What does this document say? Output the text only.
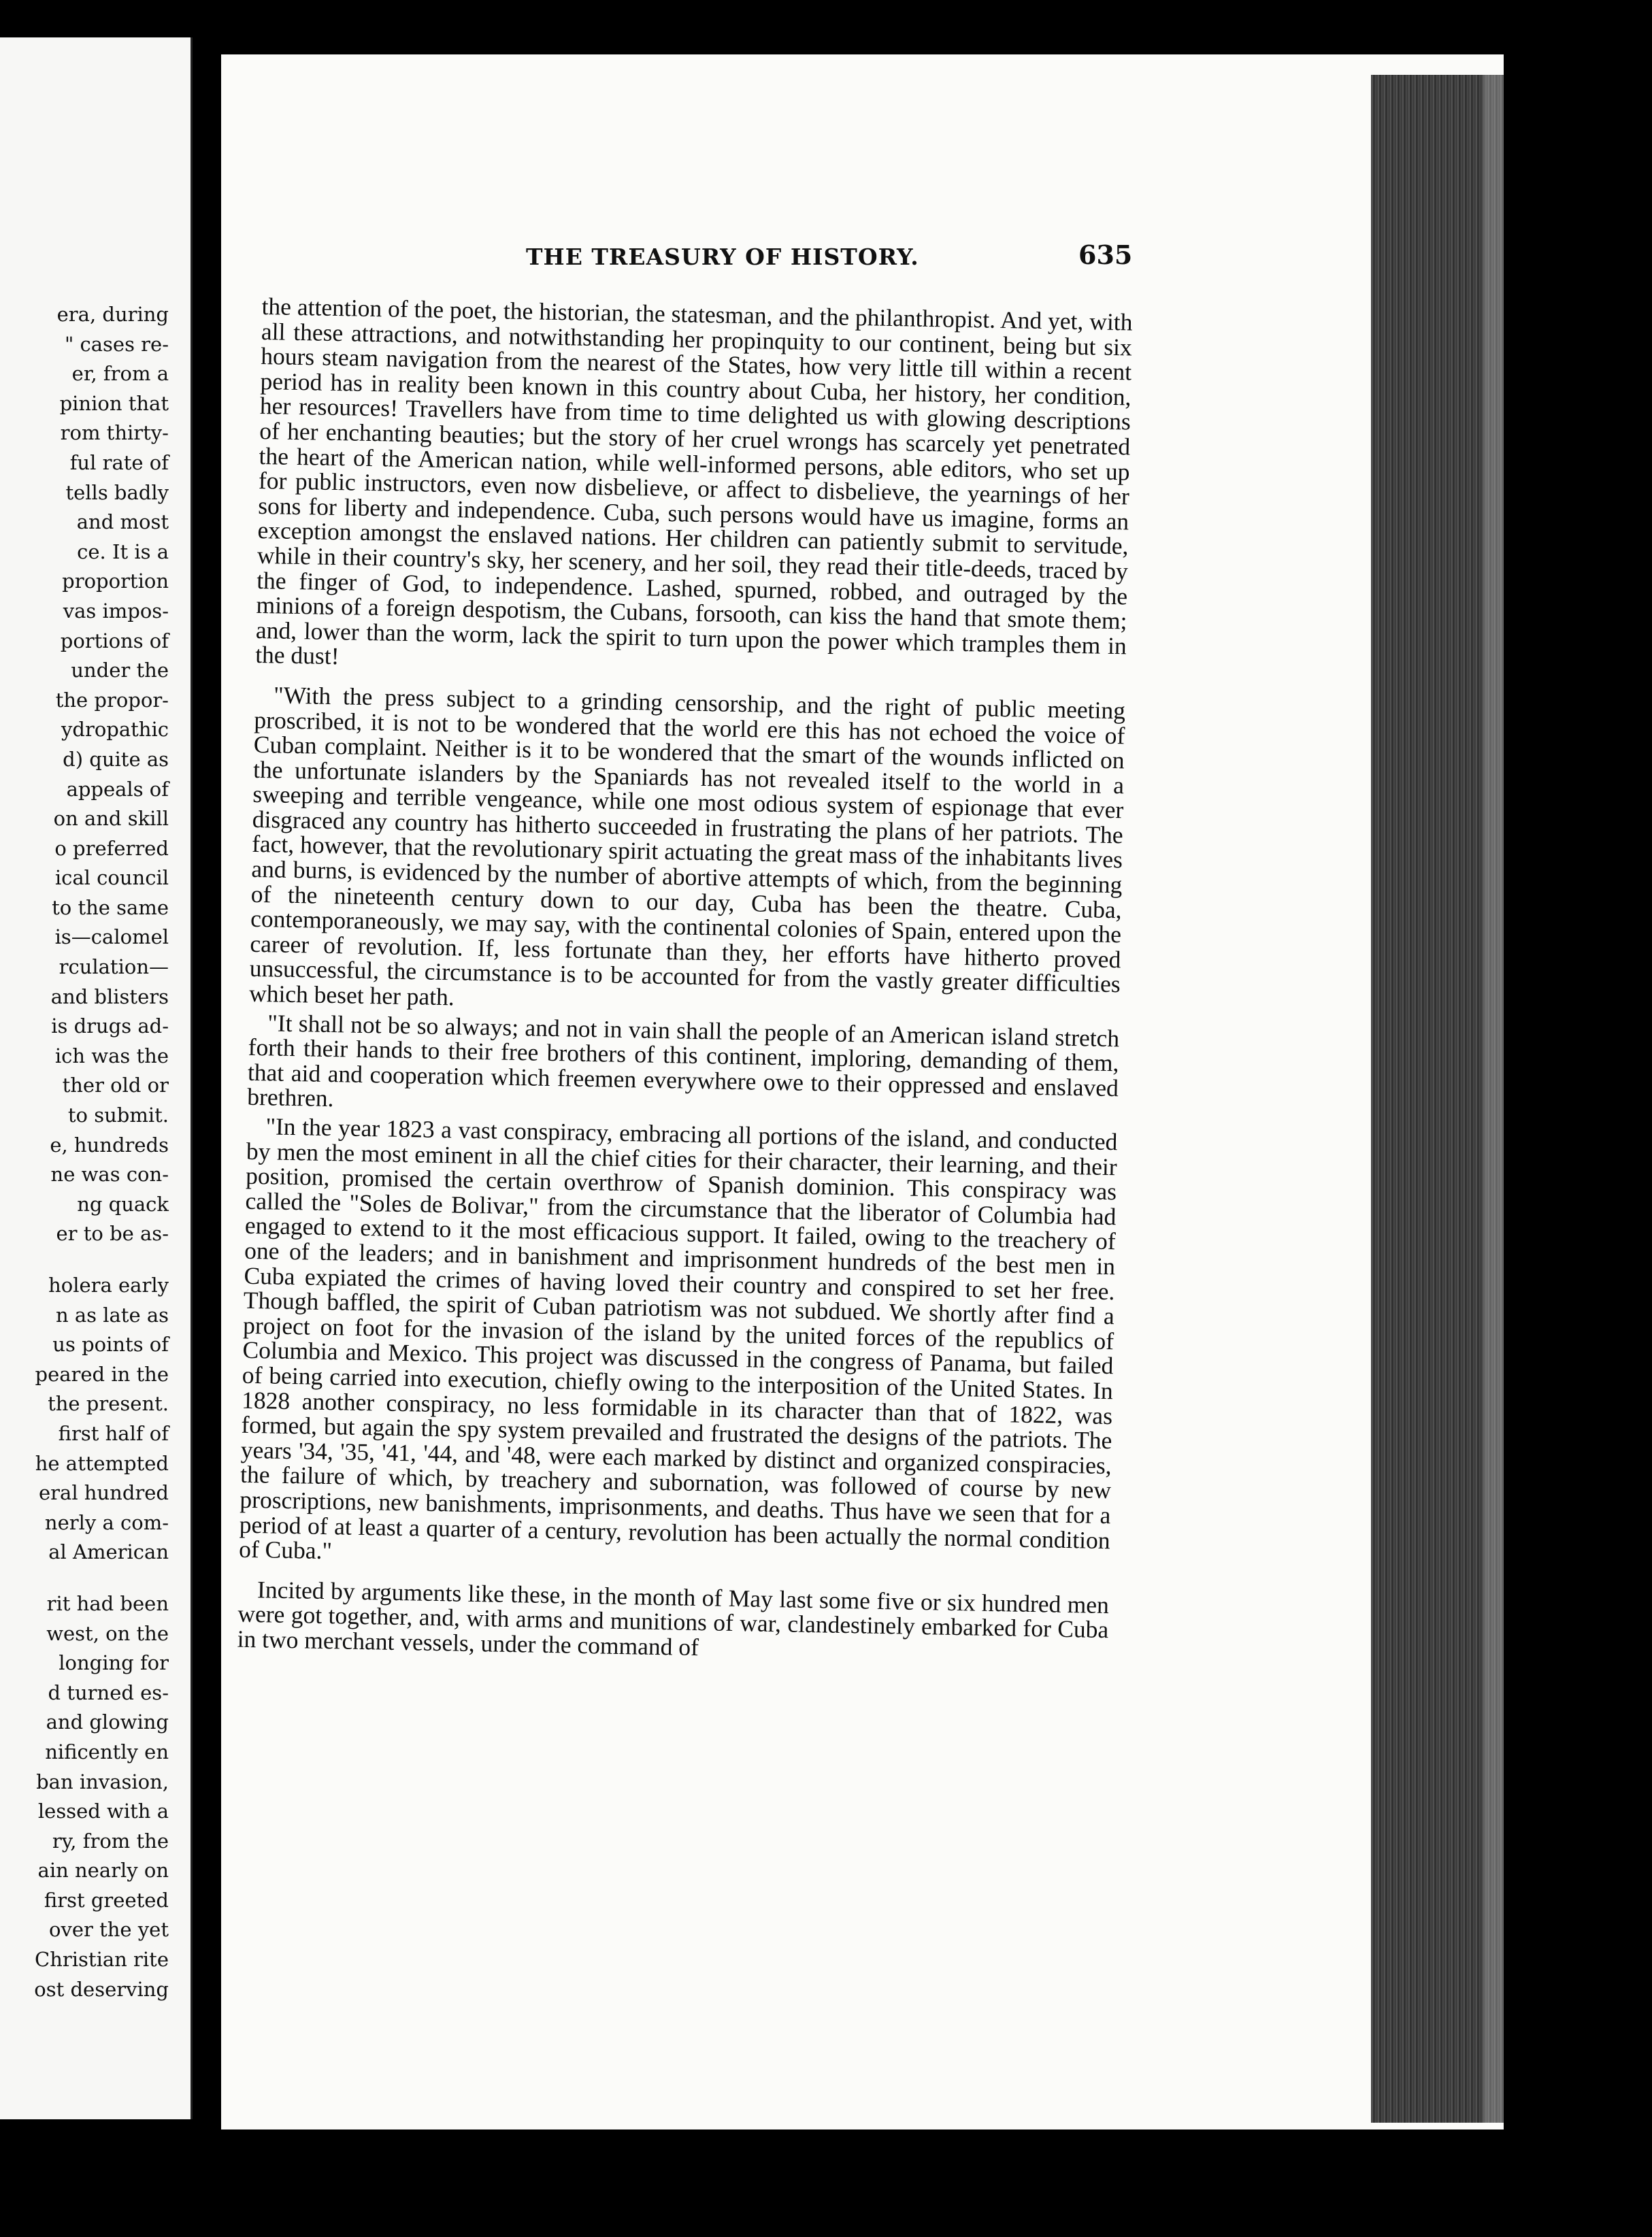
era, during
" cases re-
er, from a
pinion that
rom thirty-
ful rate of
tells badly
and most
ce. It is a
proportion
vas impos-
portions of
under the
the propor-
ydropathic
d) quite as
appeals of
on and skill
o preferred
ical council
to the same
is—calomel
rculation—
and blisters
is drugs ad-
ich was the
ther old or
to submit.
e, hundreds
ne was con-
ng quack
er to be as-
holera early
n as late as
us points of
peared in the
the present.
first half of
he attempted
eral hundred
nerly a com-
al American
rit had been
west, on the
longing for
d turned es-
and glowing
nificently en
ban invasion,
lessed with a
ry, from the
ain nearly on
first greeted
over the yet
Christian rite
ost deserving
THE TREASURY OF HISTORY.	635

the attention of the poet, the historian, the statesman, and the philanthropist. And yet, with all these attractions, and notwithstanding her propinquity to our continent, being but six hours steam navigation from the nearest of the States, how very little till within a recent period has in reality been known in this country about Cuba, her history, her condition, her resources! Travellers have from time to time delighted us with glowing descriptions of her enchanting beauties; but the story of her cruel wrongs has scarcely yet penetrated the heart of the American nation, while well-informed persons, able editors, who set up for public instructors, even now disbelieve, or affect to disbelieve, the yearnings of her sons for liberty and independence. Cuba, such persons would have us imagine, forms an exception amongst the enslaved nations. Her children can patiently submit to servitude, while in their country's sky, her scenery, and her soil, they read their title-deeds, traced by the finger of God, to independence. Lashed, spurned, robbed, and outraged by the minions of a foreign despotism, the Cubans, forsooth, can kiss the hand that smote them; and, lower than the worm, lack the spirit to turn upon the power which tramples them in the dust!

"With the press subject to a grinding censorship, and the right of public meeting proscribed, it is not to be wondered that the world ere this has not echoed the voice of Cuban complaint. Neither is it to be wondered that the smart of the wounds inflicted on the unfortunate islanders by the Spaniards has not revealed itself to the world in a sweeping and terrible vengeance, while one most odious system of espionage that ever disgraced any country has hitherto succeeded in frustrating the plans of her patriots. The fact, however, that the revolutionary spirit actuating the great mass of the inhabitants lives and burns, is evidenced by the number of abortive attempts of which, from the beginning of the nineteenth century down to our day, Cuba has been the theatre. Cuba, contemporaneously, we may say, with the continental colonies of Spain, entered upon the career of revolution. If, less fortunate than they, her efforts have hitherto proved unsuccessful, the circumstance is to be accounted for from the vastly greater difficulties which beset her path.

"It shall not be so always; and not in vain shall the people of an American island stretch forth their hands to their free brothers of this continent, imploring, demanding of them, that aid and cooperation which freemen everywhere owe to their oppressed and enslaved brethren.

"In the year 1823 a vast conspiracy, embracing all portions of the island, and conducted by men the most eminent in all the chief cities for their character, their learning, and their position, promised the certain overthrow of Spanish dominion. This conspiracy was called the "Soles de Bolivar," from the circumstance that the liberator of Columbia had engaged to extend to it the most efficacious support. It failed, owing to the treachery of one of the leaders; and in banishment and imprisonment hundreds of the best men in Cuba expiated the crimes of having loved their country and conspired to set her free. Though baffled, the spirit of Cuban patriotism was not subdued. We shortly after find a project on foot for the invasion of the island by the united forces of the republics of Columbia and Mexico. This project was discussed in the congress of Panama, but failed of being carried into execution, chiefly owing to the interposition of the United States. In 1828 another conspiracy, no less formidable in its character than that of 1822, was formed, but again the spy system prevailed and frustrated the designs of the patriots. The years '34, '35, '41, '44, and '48, were each marked by distinct and organized conspiracies, the failure of which, by treachery and subornation, was followed of course by new proscriptions, new banishments, imprisonments, and deaths. Thus have we seen that for a period of at least a quarter of a century, revolution has been actually the normal condition of Cuba."

Incited by arguments like these, in the month of May last some five or six hundred men were got together, and, with arms and munitions of war, clandestinely embarked for Cuba in two merchant vessels, under the command of
